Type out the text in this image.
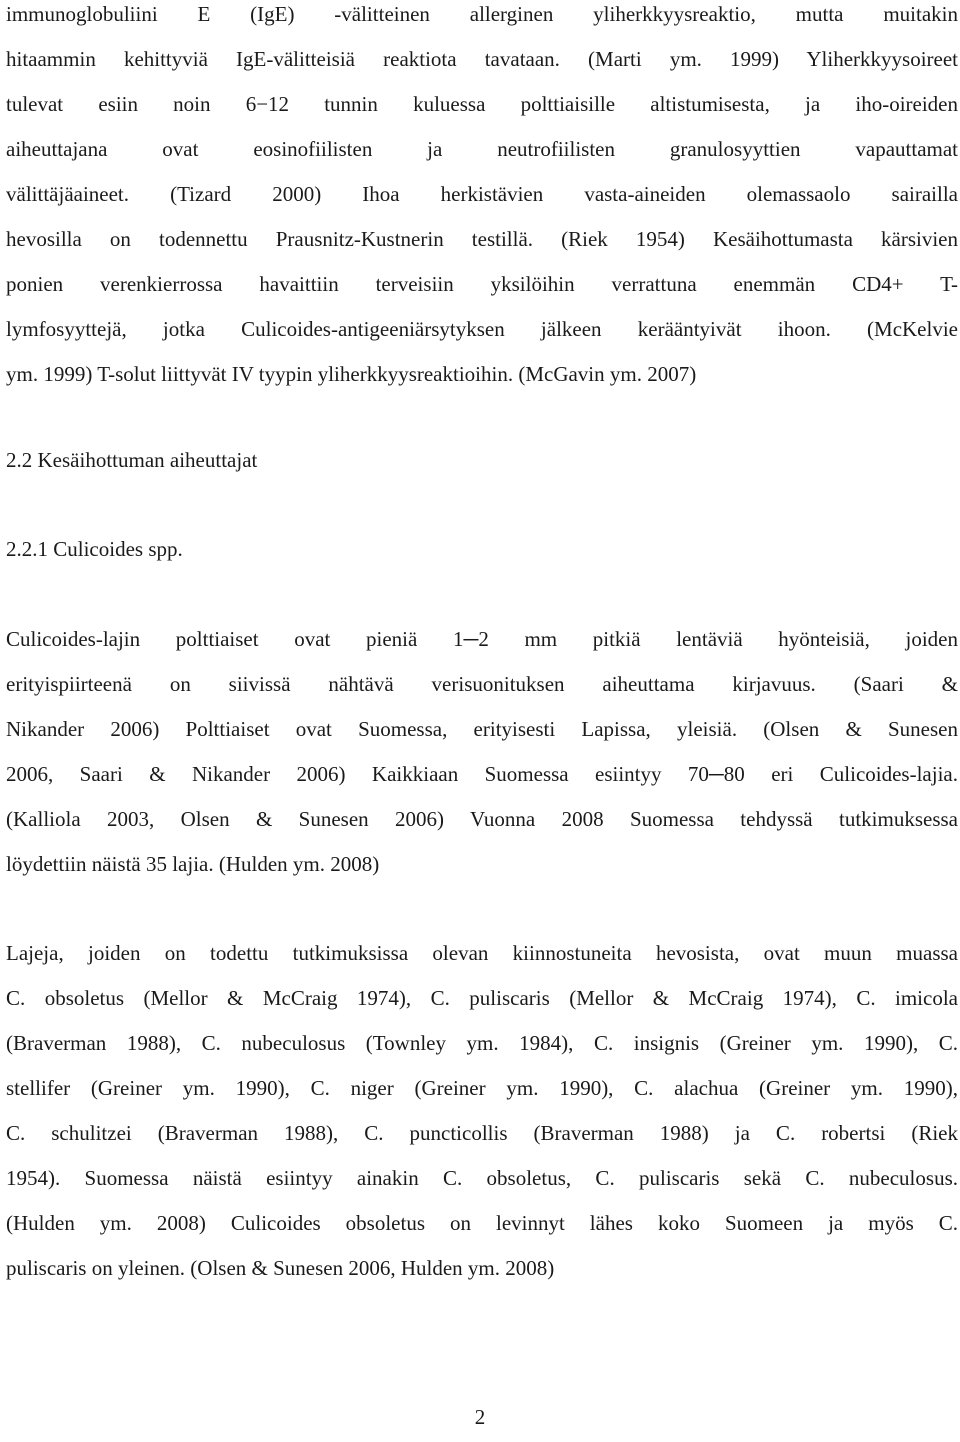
immunoglobuliini E (IgE) -välitteinen allerginen yliherkkyysreaktio, mutta muitakin
hitaammin kehittyviä IgE-välitteisiä reaktiota tavataan. (Marti ym. 1999) Yliherkkyysoireet
tulevat esiin noin 6−12 tunnin kuluessa polttiaisille altistumisesta, ja iho-oireiden
aiheuttajana ovat eosinofiilisten ja neutrofiilisten granulosyyttien vapauttamat
välittäjäaineet. (Tizard 2000) Ihoa herkistävien vasta-aineiden olemassaolo sairailla
hevosilla on todennettu Prausnitz-Kustnerin testillä. (Riek 1954) Kesäihottumasta kärsivien
ponien verenkierrossa havaittiin terveisiin yksilöihin verrattuna enemmän CD4+ T-
lymfosyyttejä, jotka Culicoides-antigeeniärsytyksen jälkeen kerääntyivät ihoon. (McKelvie
ym. 1999) T-solut liittyvät IV tyypin yliherkkyysreaktioihin. (McGavin ym. 2007)
2.2 Kesäihottuman aiheuttajat
2.2.1 Culicoides spp.
Culicoides-lajin polttiaiset ovat pieniä 1─2 mm pitkiä lentäviä hyönteisiä, joiden
erityispiirteenä on siivissä nähtävä verisuonituksen aiheuttama kirjavuus. (Saari &
Nikander 2006) Polttiaiset ovat Suomessa, erityisesti Lapissa, yleisiä. (Olsen & Sunesen
2006, Saari & Nikander 2006) Kaikkiaan Suomessa esiintyy 70─80 eri Culicoides-lajia.
(Kalliola 2003, Olsen & Sunesen 2006) Vuonna 2008 Suomessa tehdyssä tutkimuksessa
löydettiin näistä 35 lajia. (Hulden ym. 2008)
Lajeja, joiden on todettu tutkimuksissa olevan kiinnostuneita hevosista, ovat muun muassa
C. obsoletus (Mellor & McCraig 1974), C. puliscaris (Mellor & McCraig 1974), C. imicola
(Braverman 1988), C. nubeculosus (Townley ym. 1984), C. insignis (Greiner ym. 1990), C.
stellifer (Greiner ym. 1990), C. niger (Greiner ym. 1990), C. alachua (Greiner ym. 1990),
C. schulitzei (Braverman 1988), C. puncticollis (Braverman 1988) ja C. robertsi (Riek
1954). Suomessa näistä esiintyy ainakin C. obsoletus, C. puliscaris sekä C. nubeculosus.
(Hulden ym. 2008) Culicoides obsoletus on levinnyt lähes koko Suomeen ja myös C.
puliscaris on yleinen. (Olsen & Sunesen 2006, Hulden ym. 2008)
2
